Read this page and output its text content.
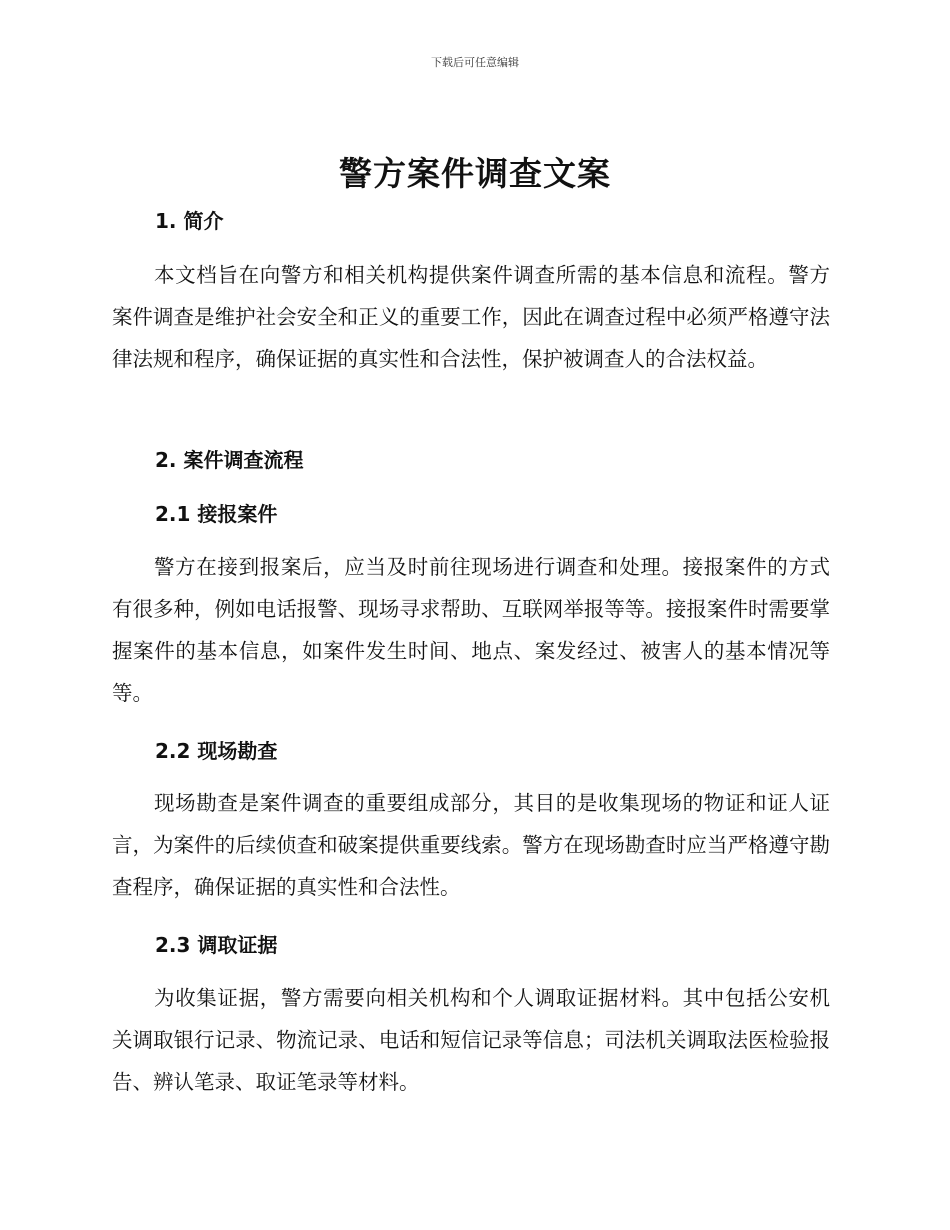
下载后可任意编辑
警方案件调查文案
1. 简介

本文档旨在向警方和相关机构提供案件调查所需的基本信息和流程。警方案件调查是维护社会安全和正义的重要工作，因此在调查过程中必须严格遵守法律法规和程序，确保证据的真实性和合法性，保护被调查人的合法权益。

2. 案件调查流程
2.1 接报案件

警方在接到报案后，应当及时前往现场进行调查和处理。接报案件的方式有很多种，例如电话报警、现场寻求帮助、互联网举报等等。接报案件时需要掌握案件的基本信息，如案件发生时间、地点、案发经过、被害人的基本情况等等。

2.2 现场勘查

现场勘查是案件调查的重要组成部分，其目的是收集现场的物证和证人证言，为案件的后续侦查和破案提供重要线索。警方在现场勘查时应当严格遵守勘查程序，确保证据的真实性和合法性。

2.3 调取证据

为收集证据，警方需要向相关机构和个人调取证据材料。其中包括公安机关调取银行记录、物流记录、电话和短信记录等信息；司法机关调取法医检验报告、辨认笔录、取证笔录等材料。
